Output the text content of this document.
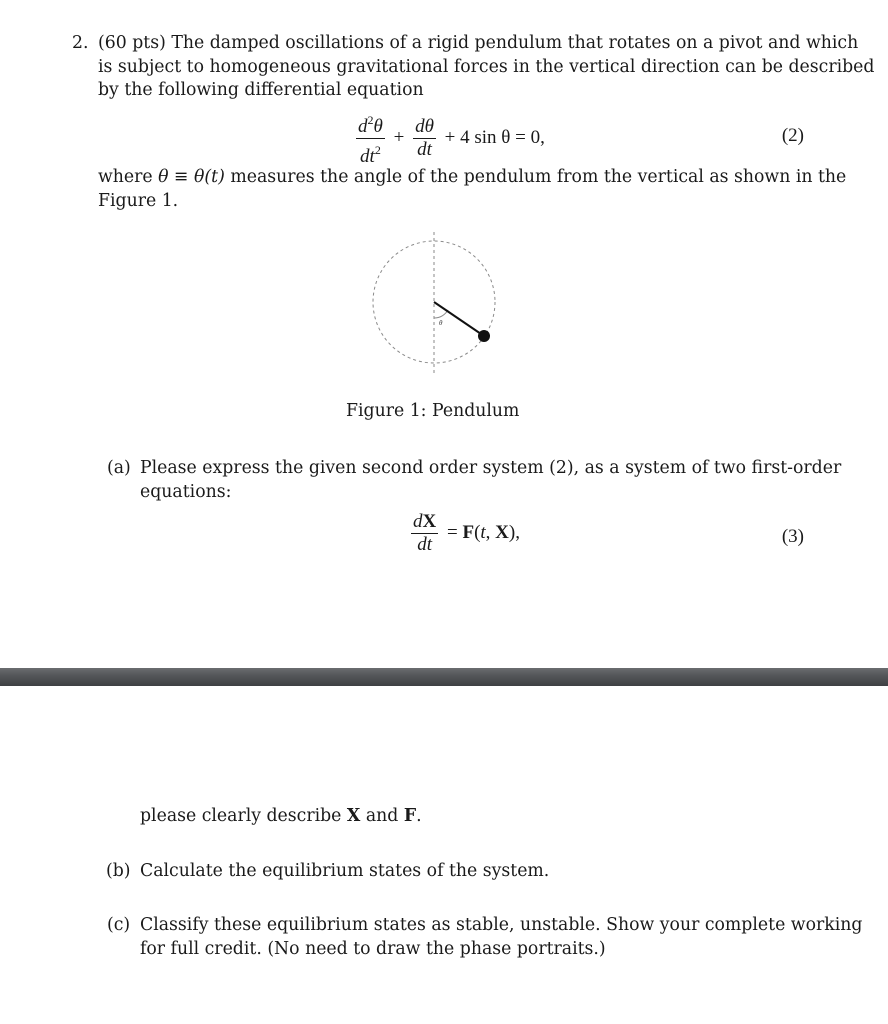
2. (60 pts) The damped oscillations of a rigid pendulum that rotates on a pivot and which
is subject to homogeneous gravitational forces in the vertical direction can be described
by the following differential equation
$\frac{d^2\theta}{dt^2} + \frac{d\theta}{dt} + 4$ sin θ = 0,	(2)
where θ ≡ θ(t) measures the angle of the pendulum from the vertical as shown in the
Figure 1.
θ
Figure 1: Pendulum
(a) Please express the given second order system (2), as a system of two first-order
equations:
$\frac{dX}{dt} = F(t$, X),	(3)
please clearly describe X and F.
(b) Calculate the equilibrium states of the system.
(c) Classify these equilibrium states as stable, unstable. Show your complete working
for full credit. (No need to draw the phase portraits.)
